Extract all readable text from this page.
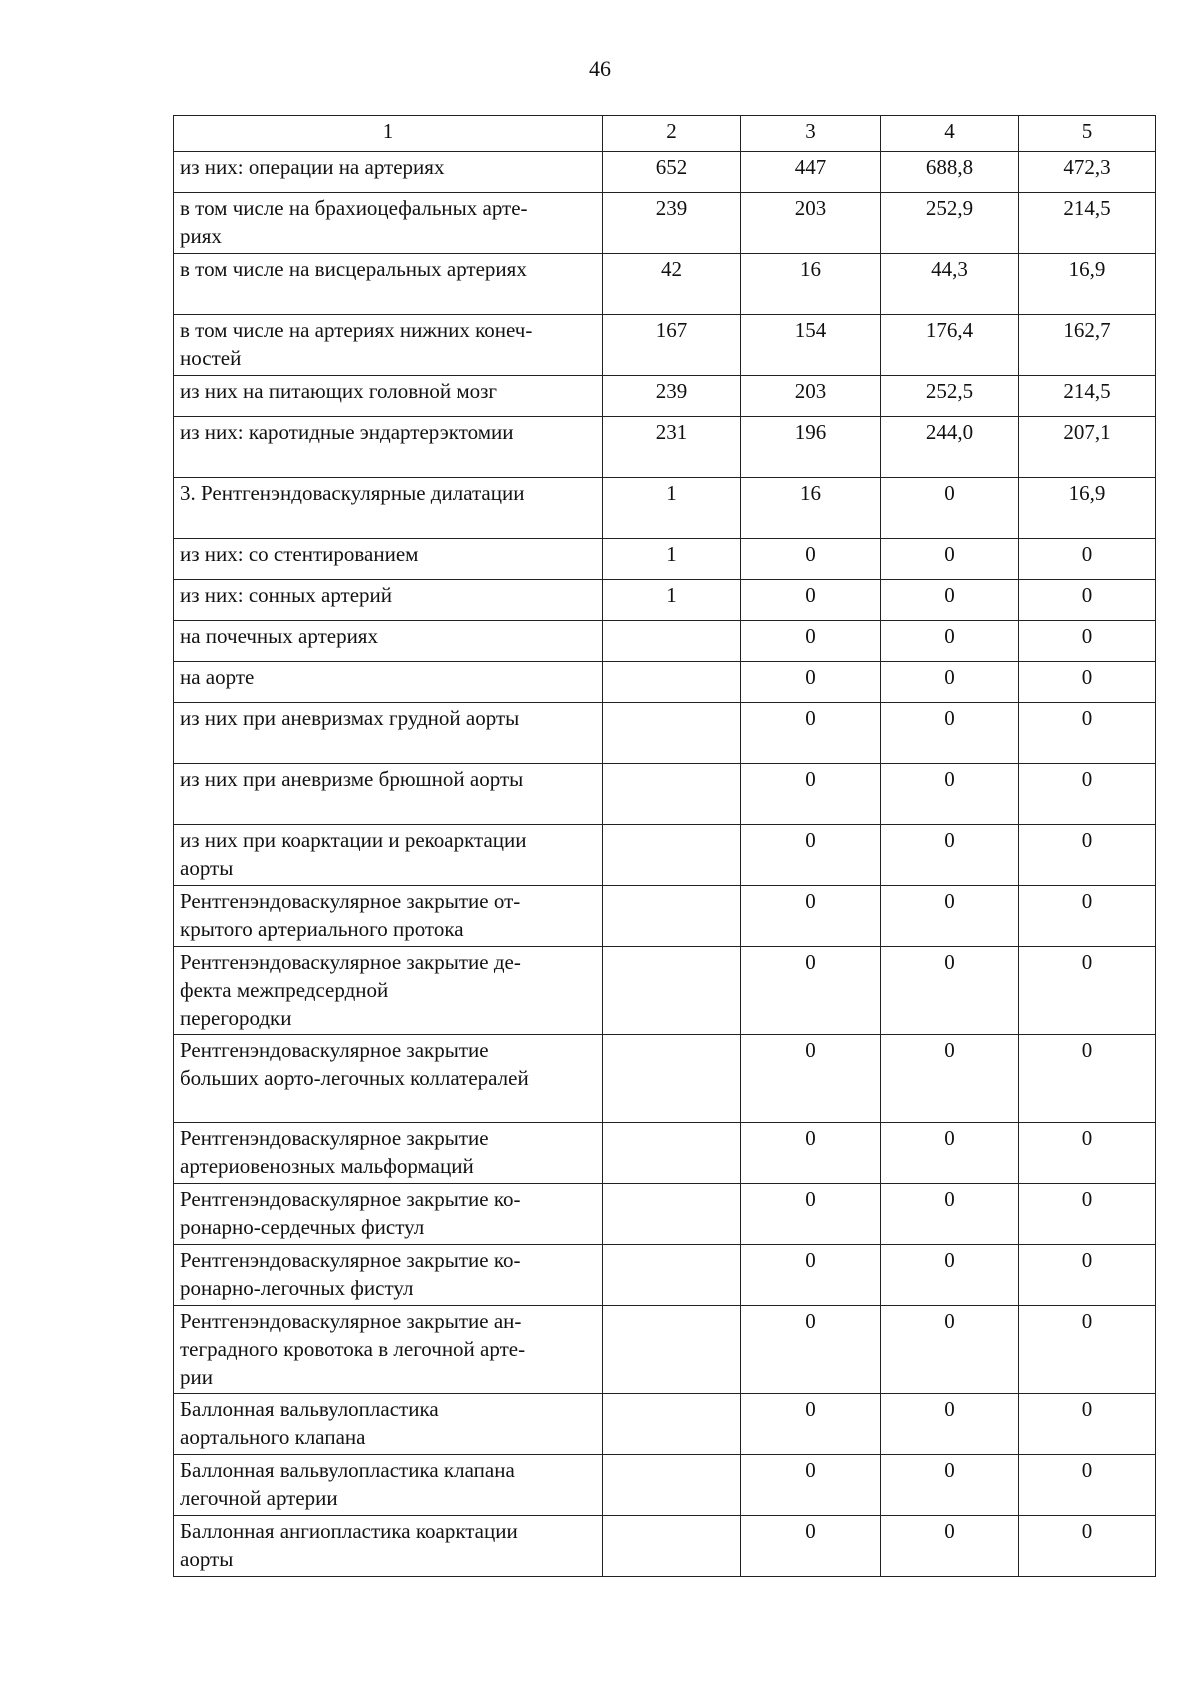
46
1	2	3	4	5

из них: операции на артериях	652	447	688,8	472,3

в том числе на брахиоцефальных арте-
риях	239	203	252,9	214,5

в том числе на висцеральных артериях	42	16	44,3	16,9

в том числе на артериях нижних конеч-
ностей	167	154	176,4	162,7

из них на питающих головной мозг	239	203	252,5	214,5

из них: каротидные эндартерэктомии	231	196	244,0	207,1

3. Рентгенэндоваскулярные дилатации	1	16	0	16,9

из них: со стентированием	1	0	0	0

из них: сонных артерий	1	0	0	0

на почечных артериях		0	0	0

на аорте		0	0	0

из них при аневризмах грудной аорты		0	0	0

из них при аневризме брюшной аорты		0	0	0

из них при коарктации и рекоарктации
аорты		0	0	0

Рентгенэндоваскулярное закрытие от-
крытого артериального протока		0	0	0

Рентгенэндоваскулярное закрытие де-
фекта межпредсердной
перегородки		0	0	0

Рентгенэндоваскулярное закрытие
больших аорто-легочных коллатералей		0	0	0

Рентгенэндоваскулярное закрытие
артериовенозных мальформаций		0	0	0

Рентгенэндоваскулярное закрытие ко-
ронарно-сердечных фистул		0	0	0

Рентгенэндоваскулярное закрытие ко-
ронарно-легочных фистул		0	0	0

Рентгенэндоваскулярное закрытие ан-
теградного кровотока в легочной арте-
рии		0	0	0

Баллонная вальвулопластика
аортального клапана		0	0	0

Баллонная вальвулопластика клапана
легочной артерии		0	0	0

Баллонная ангиопластика коарктации
аорты		0	0	0
